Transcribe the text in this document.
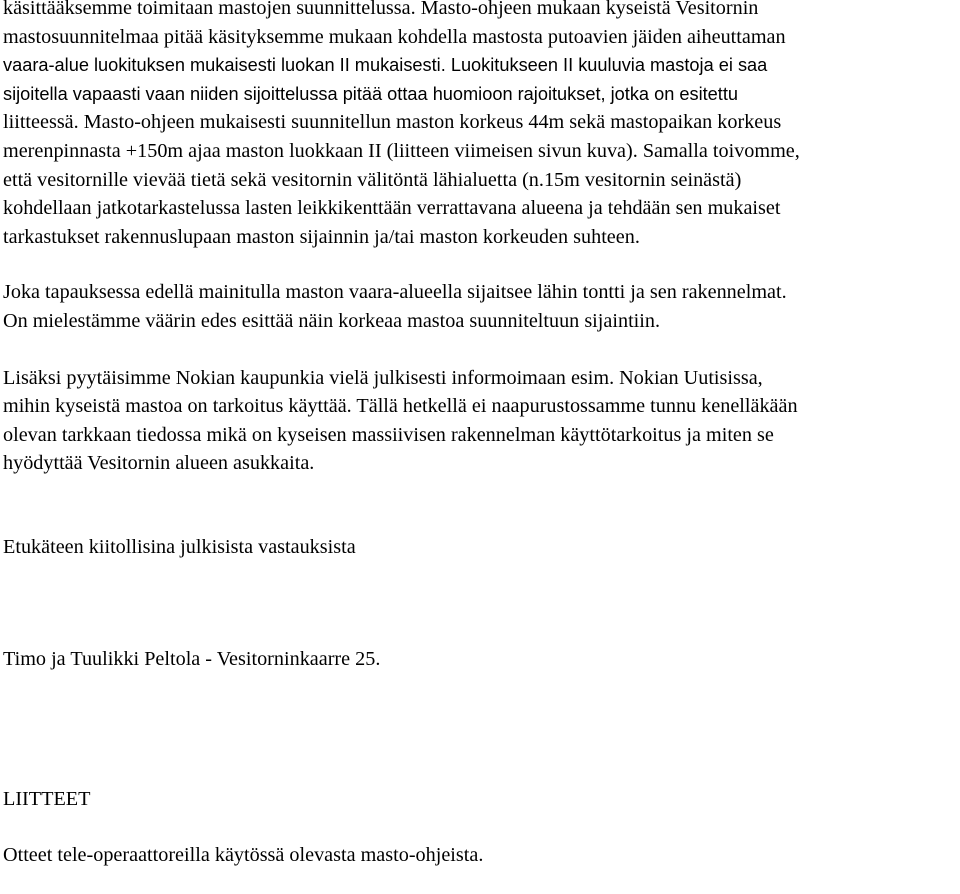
käsittääksemme toimitaan mastojen suunnittelussa. Masto-ohjeen mukaan kyseistä Vesitornin
mastosuunnitelmaa pitää käsityksemme mukaan kohdella mastosta putoavien jäiden aiheuttaman
vaara-alue luokituksen mukaisesti luokan II mukaisesti. Luokitukseen II kuuluvia mastoja ei saa
sijoitella vapaasti vaan niiden sijoittelussa pitää ottaa huomioon rajoitukset, jotka on esitettu
liitteessä. Masto-ohjeen mukaisesti suunnitellun maston korkeus 44m sekä mastopaikan korkeus
merenpinnasta +150m ajaa maston luokkaan II (liitteen viimeisen sivun kuva). Samalla toivomme,
että vesitornille vievää tietä sekä vesitornin välitöntä lähialuetta (n.15m vesitornin seinästä)
kohdellaan jatkotarkastelussa lasten leikkikenttään verrattavana alueena ja tehdään sen mukaiset
tarkastukset rakennuslupaan maston sijainnin ja/tai maston korkeuden suhteen.
Joka tapauksessa edellä mainitulla maston vaara-alueella sijaitsee lähin tontti ja sen rakennelmat.
On mielestämme väärin edes esittää näin korkeaa mastoa suunniteltuun sijaintiin.
Lisäksi pyytäisimme Nokian kaupunkia vielä julkisesti informoimaan esim. Nokian Uutisissa,
mihin kyseistä mastoa on tarkoitus käyttää. Tällä hetkellä ei naapurustossamme tunnu kenelläkään
olevan tarkkaan tiedossa mikä on kyseisen massiivisen rakennelman käyttötarkoitus ja miten se
hyödyttää Vesitornin alueen asukkaita.
Etukäteen kiitollisina julkisista vastauksista
Timo ja Tuulikki Peltola - Vesitorninkaarre 25.
LIITTEET
Otteet tele-operaattoreilla käytössä olevasta masto-ohjeista.
